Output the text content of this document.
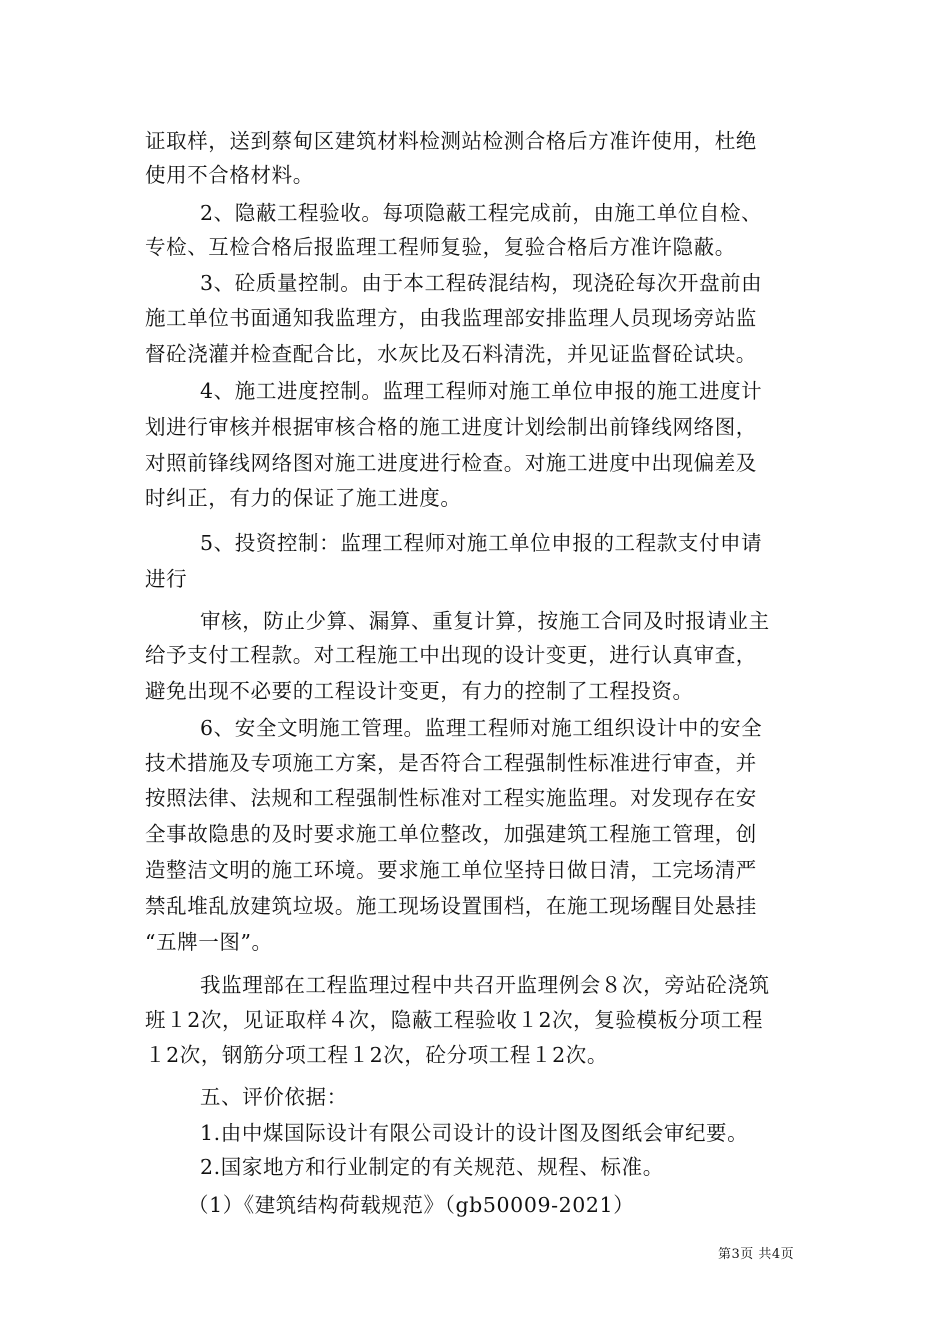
证取样，送到蔡甸区建筑材料检测站检测合格后方准许使用，杜绝
使用不合格材料。
2、隐蔽工程验收。每项隐蔽工程完成前，由施工单位自检、
专检、互检合格后报监理工程师复验，复验合格后方准许隐蔽。
3、砼质量控制。由于本工程砖混结构，现浇砼每次开盘前由
施工单位书面通知我监理方，由我监理部安排监理人员现场旁站监
督砼浇灌并检查配合比，水灰比及石料清洗，并见证监督砼试块。
4、施工进度控制。监理工程师对施工单位申报的施工进度计
划进行审核并根据审核合格的施工进度计划绘制出前锋线网络图，
对照前锋线网络图对施工进度进行检查。对施工进度中出现偏差及
时纠正，有力的保证了施工进度。
5、投资控制：监理工程师对施工单位申报的工程款支付申请
进行
审核，防止少算、漏算、重复计算，按施工合同及时报请业主
给予支付工程款。对工程施工中出现的设计变更，进行认真审查，
避免出现不必要的工程设计变更，有力的控制了工程投资。
6、安全文明施工管理。监理工程师对施工组织设计中的安全
技术措施及专项施工方案，是否符合工程强制性标准进行审查，并
按照法律、法规和工程强制性标准对工程实施监理。对发现存在安
全事故隐患的及时要求施工单位整改，加强建筑工程施工管理，创
造整洁文明的施工环境。要求施工单位坚持日做日清，工完场清严
禁乱堆乱放建筑垃圾。施工现场设置围档，在施工现场醒目处悬挂
“五牌一图”。
我监理部在工程监理过程中共召开监理例会８次，旁站砼浇筑
班１2次，见证取样４次，隐蔽工程验收１2次，复验模板分项工程
１2次，钢筋分项工程１2次，砼分项工程１2次。
五、评价依据：
1.由中煤国际设计有限公司设计的设计图及图纸会审纪要。
2.国家地方和行业制定的有关规范、规程、标准。
（1）《建筑结构荷载规范》（gb50009-2021）
第3页 共4页
